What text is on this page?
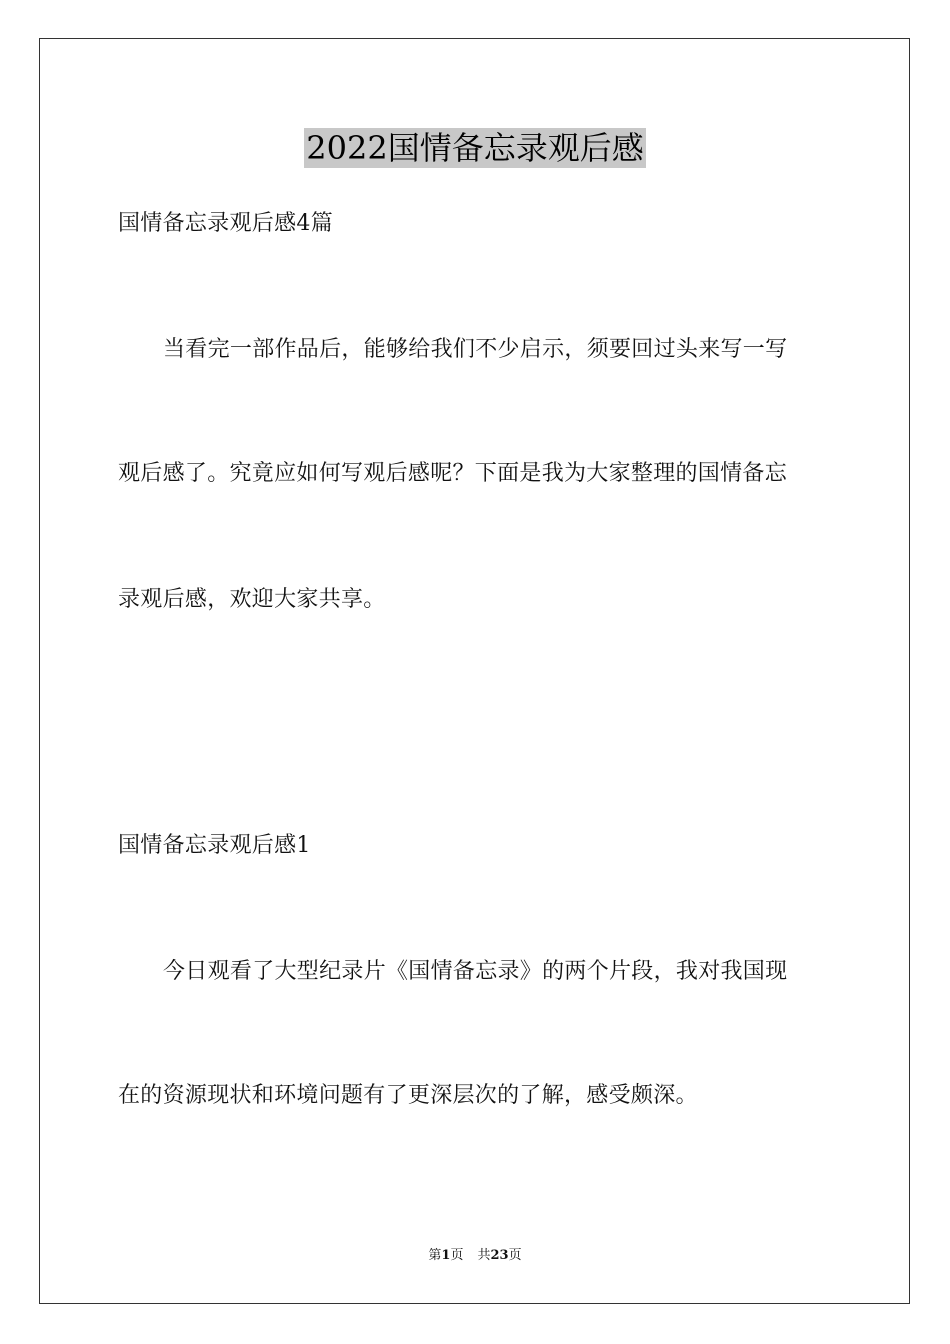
2022国情备忘录观后感
国情备忘录观后感4篇
当看完一部作品后，能够给我们不少启示，须要回过头来写一写
观后感了。究竟应如何写观后感呢？下面是我为大家整理的国情备忘
录观后感，欢迎大家共享。
国情备忘录观后感1
今日观看了大型纪录片《国情备忘录》的两个片段，我对我国现
在的资源现状和环境问题有了更深层次的了解，感受颇深。
第1页 共23页
